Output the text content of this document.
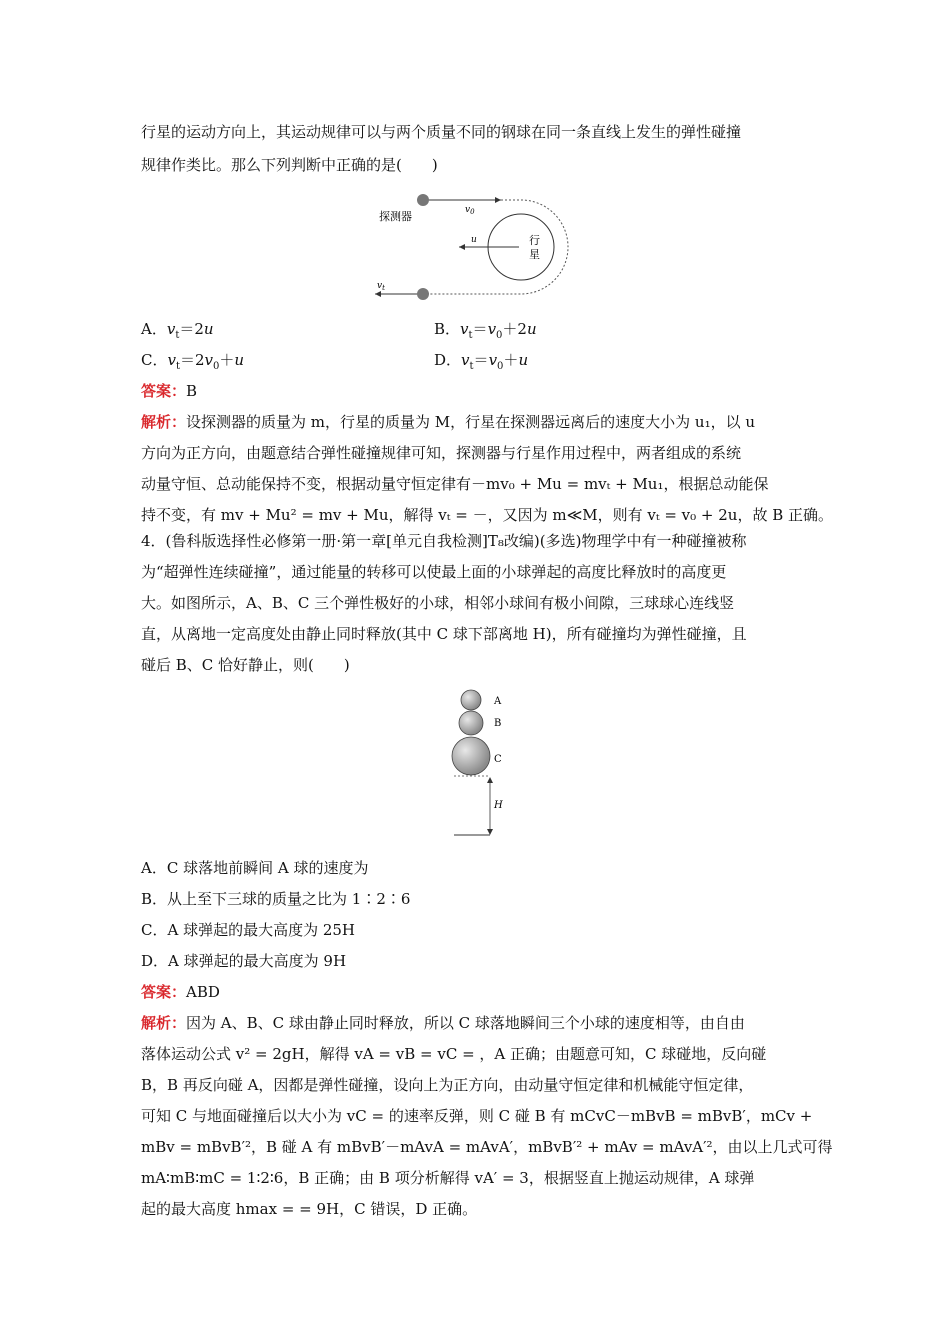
行星的运动方向上，其运动规律可以与两个质量不同的钢球在同一条直线上发生的弹性碰撞
规律作类比。那么下列判断中正确的是(　　)
$v_0$
探测器
行
星
u
$v_t$
A．$v_t=2u$	B．$v_t=v_0+2u$
C．$v_t=2v_0+u$	D．$v_t=v_0+u$
答案：B
解析：设探测器的质量为 m，行星的质量为 M，行星在探测器远离后的速度大小为 u₁，以 u
方向为正方向，由题意结合弹性碰撞规律可知，探测器与行星作用过程中，两者组成的系统
动量守恒、总动能保持不变，根据动量守恒定律有－mv₀ + Mu = mvₜ + Mu₁，根据总动能保
持不变，有 mv + Mu² = mv + Mu，解得 vₜ = －，又因为 m≪M，则有 vₜ = v₀ + 2u，故 B 正确。
4．(鲁科版选择性必修第一册·第一章[单元自我检测]T₈改编)(多选)物理学中有一种碰撞被称
为“超弹性连续碰撞”，通过能量的转移可以使最上面的小球弹起的高度比释放时的高度更
大。如图所示，A、B、C 三个弹性极好的小球，相邻小球间有极小间隙，三球球心连线竖
直，从离地一定高度处由静止同时释放(其中 C 球下部离地 H)，所有碰撞均为弹性碰撞，且
碰后 B、C 恰好静止，则(　　)
A
B
C
H
A．C 球落地前瞬间 A 球的速度为
B．从上至下三球的质量之比为 1∶2∶6
C．A 球弹起的最大高度为 25H
D．A 球弹起的最大高度为 9H
答案：ABD
解析：因为 A、B、C 球由静止同时释放，所以 C 球落地瞬间三个小球的速度相等，由自由
落体运动公式 v² = 2gH，解得 vA = vB = vC = ，A 正确；由题意可知，C 球碰地，反向碰
B，B 再反向碰 A，因都是弹性碰撞，设向上为正方向，由动量守恒定律和机械能守恒定律，
可知 C 与地面碰撞后以大小为 vC = 的速率反弹，则 C 碰 B 有 mCvC－mBvB = mBvB′，mCv +
mBv = mBvB′²，B 碰 A 有 mBvB′－mAvA = mAvA′，mBvB′² + mAv = mAvA′²，由以上几式可得
mA∶mB∶mC = 1∶2∶6，B 正确；由 B 项分析解得 vA′ = 3，根据竖直上抛运动规律，A 球弹
起的最大高度 hmax = = 9H，C 错误，D 正确。
